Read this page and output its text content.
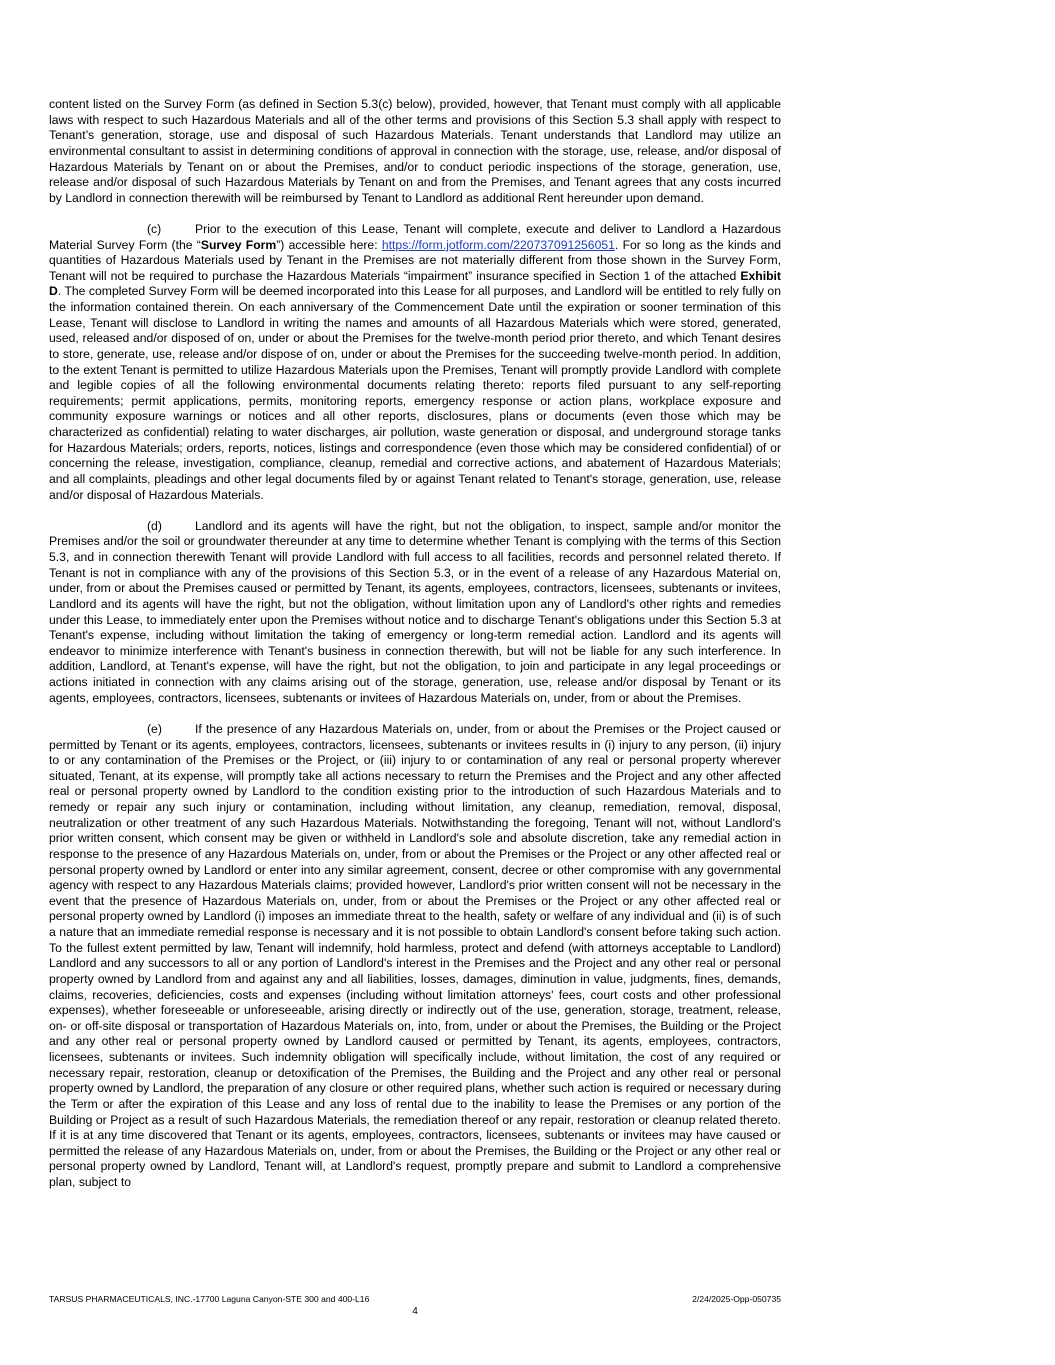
content listed on the Survey Form (as defined in Section 5.3(c) below), provided, however, that Tenant must comply with all applicable laws with respect to such Hazardous Materials and all of the other terms and provisions of this Section 5.3 shall apply with respect to Tenant’s generation, storage, use and disposal of such Hazardous Materials. Tenant understands that Landlord may utilize an environmental consultant to assist in determining conditions of approval in connection with the storage, use, release, and/or disposal of Hazardous Materials by Tenant on or about the Premises, and/or to conduct periodic inspections of the storage, generation, use, release and/or disposal of such Hazardous Materials by Tenant on and from the Premises, and Tenant agrees that any costs incurred by Landlord in connection therewith will be reimbursed by Tenant to Landlord as additional Rent hereunder upon demand.

(c)	Prior to the execution of this Lease, Tenant will complete, execute and deliver to Landlord a Hazardous Material Survey Form (the “Survey Form”) accessible here: https://form.jotform.com/220737091256051. For so long as the kinds and quantities of Hazardous Materials used by Tenant in the Premises are not materially different from those shown in the Survey Form, Tenant will not be required to purchase the Hazardous Materials “impairment” insurance specified in Section 1 of the attached Exhibit D. The completed Survey Form will be deemed incorporated into this Lease for all purposes, and Landlord will be entitled to rely fully on the information contained therein. On each anniversary of the Commencement Date until the expiration or sooner termination of this Lease, Tenant will disclose to Landlord in writing the names and amounts of all Hazardous Materials which were stored, generated, used, released and/or disposed of on, under or about the Premises for the twelve-month period prior thereto, and which Tenant desires to store, generate, use, release and/or dispose of on, under or about the Premises for the succeeding twelve-month period. In addition, to the extent Tenant is permitted to utilize Hazardous Materials upon the Premises, Tenant will promptly provide Landlord with complete and legible copies of all the following environmental documents relating thereto: reports filed pursuant to any self-reporting requirements; permit applications, permits, monitoring reports, emergency response or action plans, workplace exposure and community exposure warnings or notices and all other reports, disclosures, plans or documents (even those which may be characterized as confidential) relating to water discharges, air pollution, waste generation or disposal, and underground storage tanks for Hazardous Materials; orders, reports, notices, listings and correspondence (even those which may be considered confidential) of or concerning the release, investigation, compliance, cleanup, remedial and corrective actions, and abatement of Hazardous Materials; and all complaints, pleadings and other legal documents filed by or against Tenant related to Tenant's storage, generation, use, release and/or disposal of Hazardous Materials.

(d)	Landlord and its agents will have the right, but not the obligation, to inspect, sample and/or monitor the Premises and/or the soil or groundwater thereunder at any time to determine whether Tenant is complying with the terms of this Section 5.3, and in connection therewith Tenant will provide Landlord with full access to all facilities, records and personnel related thereto. If Tenant is not in compliance with any of the provisions of this Section 5.3, or in the event of a release of any Hazardous Material on, under, from or about the Premises caused or permitted by Tenant, its agents, employees, contractors, licensees, subtenants or invitees, Landlord and its agents will have the right, but not the obligation, without limitation upon any of Landlord's other rights and remedies under this Lease, to immediately enter upon the Premises without notice and to discharge Tenant's obligations under this Section 5.3 at Tenant's expense, including without limitation the taking of emergency or long-term remedial action. Landlord and its agents will endeavor to minimize interference with Tenant's business in connection therewith, but will not be liable for any such interference. In addition, Landlord, at Tenant's expense, will have the right, but not the obligation, to join and participate in any legal proceedings or actions initiated in connection with any claims arising out of the storage, generation, use, release and/or disposal by Tenant or its agents, employees, contractors, licensees, subtenants or invitees of Hazardous Materials on, under, from or about the Premises.

(e)	If the presence of any Hazardous Materials on, under, from or about the Premises or the Project caused or permitted by Tenant or its agents, employees, contractors, licensees, subtenants or invitees results in (i) injury to any person, (ii) injury to or any contamination of the Premises or the Project, or (iii) injury to or contamination of any real or personal property wherever situated, Tenant, at its expense, will promptly take all actions necessary to return the Premises and the Project and any other affected real or personal property owned by Landlord to the condition existing prior to the introduction of such Hazardous Materials and to remedy or repair any such injury or contamination, including without limitation, any cleanup, remediation, removal, disposal, neutralization or other treatment of any such Hazardous Materials. Notwithstanding the foregoing, Tenant will not, without Landlord's prior written consent, which consent may be given or withheld in Landlord's sole and absolute discretion, take any remedial action in response to the presence of any Hazardous Materials on, under, from or about the Premises or the Project or any other affected real or personal property owned by Landlord or enter into any similar agreement, consent, decree or other compromise with any governmental agency with respect to any Hazardous Materials claims; provided however, Landlord's prior written consent will not be necessary in the event that the presence of Hazardous Materials on, under, from or about the Premises or the Project or any other affected real or personal property owned by Landlord (i) imposes an immediate threat to the health, safety or welfare of any individual and (ii) is of such a nature that an immediate remedial response is necessary and it is not possible to obtain Landlord's consent before taking such action. To the fullest extent permitted by law, Tenant will indemnify, hold harmless, protect and defend (with attorneys acceptable to Landlord) Landlord and any successors to all or any portion of Landlord's interest in the Premises and the Project and any other real or personal property owned by Landlord from and against any and all liabilities, losses, damages, diminution in value, judgments, fines, demands, claims, recoveries, deficiencies, costs and expenses (including without limitation attorneys' fees, court costs and other professional expenses), whether foreseeable or unforeseeable, arising directly or indirectly out of the use, generation, storage, treatment, release, on- or off-site disposal or transportation of Hazardous Materials on, into, from, under or about the Premises, the Building or the Project and any other real or personal property owned by Landlord caused or permitted by Tenant, its agents, employees, contractors, licensees, subtenants or invitees. Such indemnity obligation will specifically include, without limitation, the cost of any required or necessary repair, restoration, cleanup or detoxification of the Premises, the Building and the Project and any other real or personal property owned by Landlord, the preparation of any closure or other required plans, whether such action is required or necessary during the Term or after the expiration of this Lease and any loss of rental due to the inability to lease the Premises or any portion of the Building or Project as a result of such Hazardous Materials, the remediation thereof or any repair, restoration or cleanup related thereto. If it is at any time discovered that Tenant or its agents, employees, contractors, licensees, subtenants or invitees may have caused or permitted the release of any Hazardous Materials on, under, from or about the Premises, the Building or the Project or any other real or personal property owned by Landlord, Tenant will, at Landlord's request, promptly prepare and submit to Landlord a comprehensive plan, subject to

TARSUS PHARMACEUTICALS, INC.-17700 Laguna Canyon-STE 300 and 400-L16	2/24/2025-Opp-050735
4
